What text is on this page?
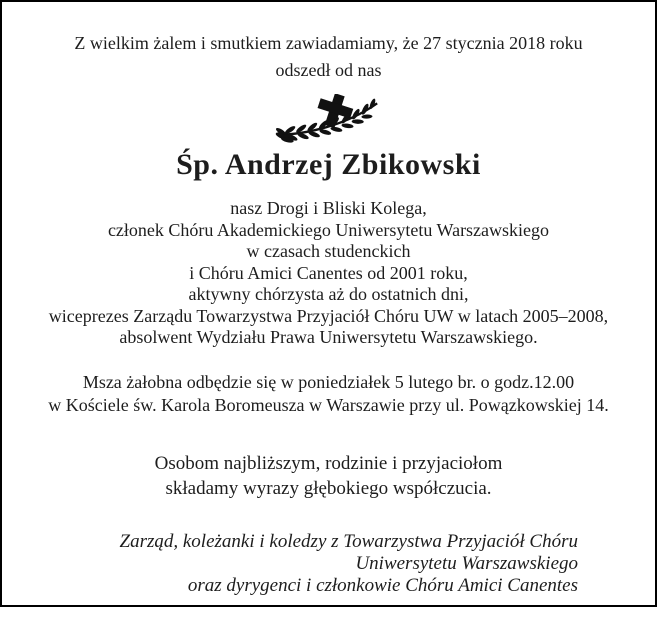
Z wielkim żalem i smutkiem zawiadamiamy, że 27 stycznia 2018 roku
odszedł od nas
Śp. Andrzej Zbikowski
nasz Drogi i Bliski Kolega,
członek Chóru Akademickiego Uniwersytetu Warszawskiego
w czasach studenckich
i Chóru Amici Canentes od 2001 roku,
aktywny chórzysta aż do ostatnich dni,
wiceprezes Zarządu Towarzystwa Przyjaciół Chóru UW w latach 2005–2008,
absolwent Wydziału Prawa Uniwersytetu Warszawskiego.
Msza żałobna odbędzie się w poniedziałek 5 lutego br. o godz.12.00
w Kościele św. Karola Boromeusza w Warszawie przy ul. Powązkowskiej 14.
Osobom najbliższym, rodzinie i przyjaciołom
składamy wyrazy głębokiego współczucia.
Zarząd, koleżanki i koledzy z Towarzystwa Przyjaciół Chóru
Uniwersytetu Warszawskiego
oraz dyrygenci i członkowie Chóru Amici Canentes
